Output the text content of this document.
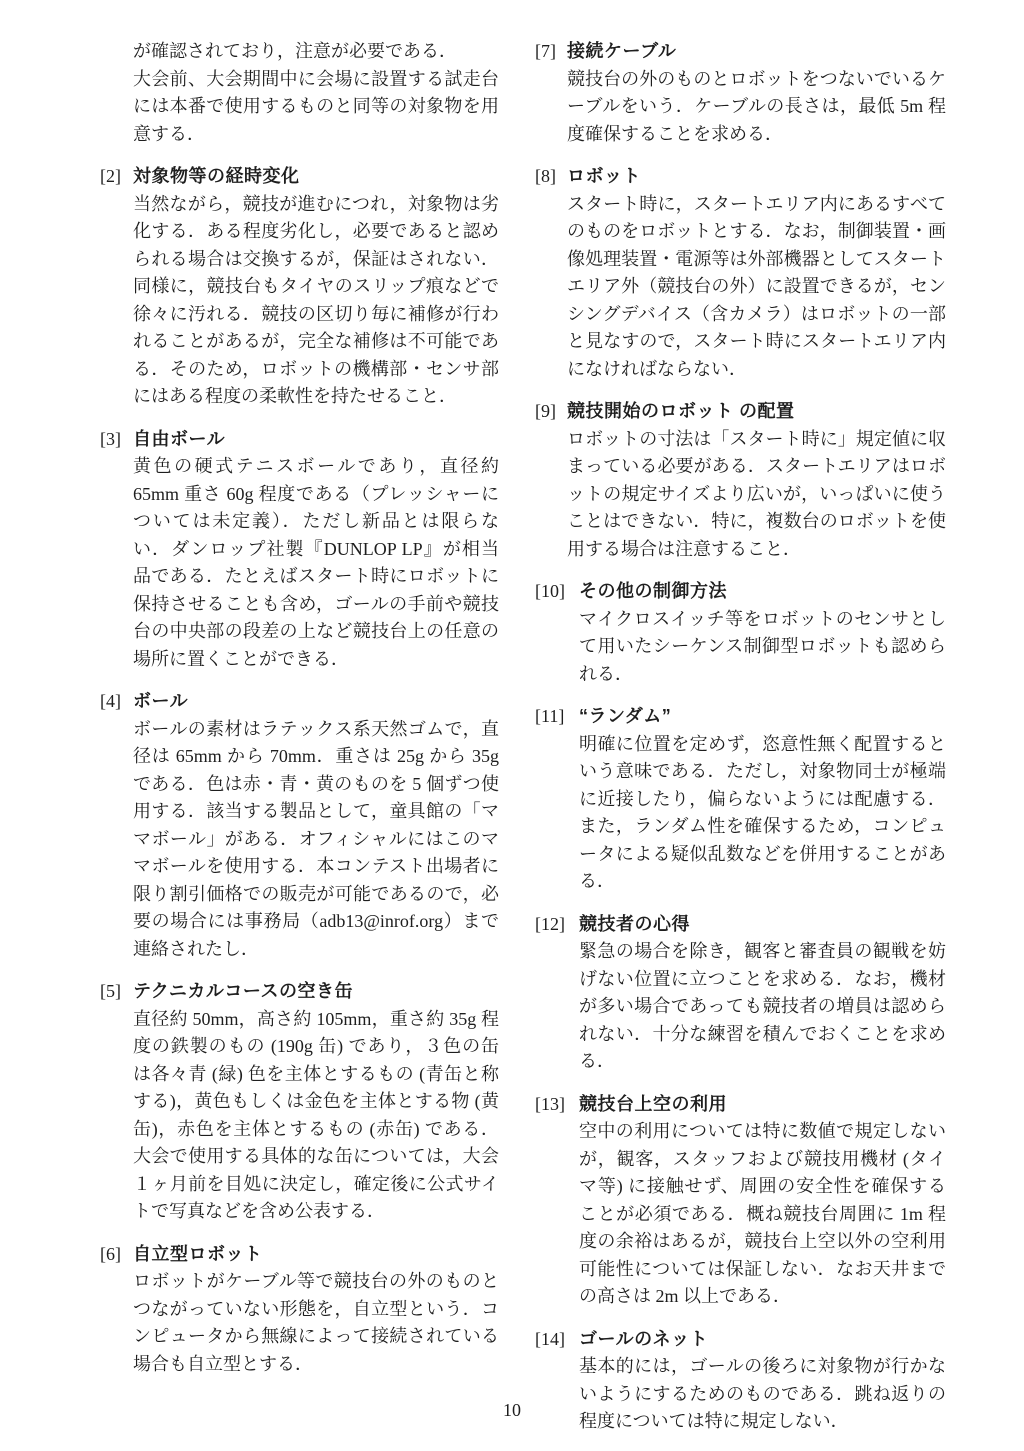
が確認されており，注意が必要である．

大会前、大会期間中に会場に設置する試走台には本番で使用するものと同等の対象物を用意する．

[2] 対象物等の経時変化
当然ながら，競技が進むにつれ，対象物は劣化する．ある程度劣化し，必要であると認められる場合は交換するが，保証はされない．同様に，競技台もタイヤのスリップ痕などで徐々に汚れる．競技の区切り毎に補修が行われることがあるが，完全な補修は不可能である．そのため，ロボットの機構部・センサ部にはある程度の柔軟性を持たせること．
[3] 自由ボール
黄色の硬式テニスボールであり，直径約 65mm 重さ 60g 程度である（プレッシャーについては未定義）．ただし新品とは限らない．ダンロップ社製『DUNLOP LP』が相当品である．たとえばスタート時にロボットに保持させることも含め，ゴールの手前や競技台の中央部の段差の上など競技台上の任意の場所に置くことができる．
[4] ボール
ボールの素材はラテックス系天然ゴムで，直径は 65mm から 70mm．重さは 25g から 35g である．色は赤・青・黄のものを 5 個ずつ使用する．該当する製品として，童具館の「ママボール」がある．オフィシャルにはこのママボールを使用する．本コンテスト出場者に限り割引価格での販売が可能であるので，必要の場合には事務局（adb13@inrof.org）まで連絡されたし．
[5] テクニカルコースの空き缶
直径約 50mm，高さ約 105mm，重さ約 35g 程度の鉄製のもの (190g 缶) であり，３色の缶は各々青 (緑) 色を主体とするもの (青缶と称する)，黄色もしくは金色を主体とする物 (黄缶)，赤色を主体とするもの (赤缶) である．大会で使用する具体的な缶については，大会１ヶ月前を目処に決定し，確定後に公式サイトで写真などを含め公表する．
[6] 自立型ロボット
ロボットがケーブル等で競技台の外のものとつながっていない形態を，自立型という．コンピュータから無線によって接続されている場合も自立型とする．
[7] 接続ケーブル
競技台の外のものとロボットをつないでいるケーブルをいう．ケーブルの長さは，最低 5m 程度確保することを求める．
[8] ロボット
スタート時に，スタートエリア内にあるすべてのものをロボットとする．なお，制御装置・画像処理装置・電源等は外部機器としてスタートエリア外（競技台の外）に設置できるが，センシングデバイス（含カメラ）はロボットの一部と見なすので，スタート時にスタートエリア内になければならない．
[9] 競技開始のロボット の配置
ロボットの寸法は「スタート時に」規定値に収まっている必要がある．スタートエリアはロボットの規定サイズより広いが，いっぱいに使うことはできない．特に，複数台のロボットを使用する場合は注意すること．
[10] その他の制御方法
マイクロスイッチ等をロボットのセンサとして用いたシーケンス制御型ロボットも認められる．
[11] “ランダム”
明確に位置を定めず，恣意性無く配置するという意味である．ただし，対象物同士が極端に近接したり，偏らないようには配慮する．また，ランダム性を確保するため，コンピュータによる疑似乱数などを併用することがある．
[12] 競技者の心得
緊急の場合を除き，観客と審査員の観戦を妨げない位置に立つことを求める．なお，機材が多い場合であっても競技者の増員は認められない．十分な練習を積んでおくことを求める．
[13] 競技台上空の利用
空中の利用については特に数値で規定しないが，観客，スタッフおよび競技用機材 (タイマ等) に接触せず、周囲の安全性を確保することが必須である．概ね競技台周囲に 1m 程度の余裕はあるが，競技台上空以外の空利用可能性については保証しない．なお天井までの高さは 2m 以上である．
[14] ゴールのネット
基本的には，ゴールの後ろに対象物が行かないようにするためのものである．跳ね返りの程度については特に規定しない．
10
